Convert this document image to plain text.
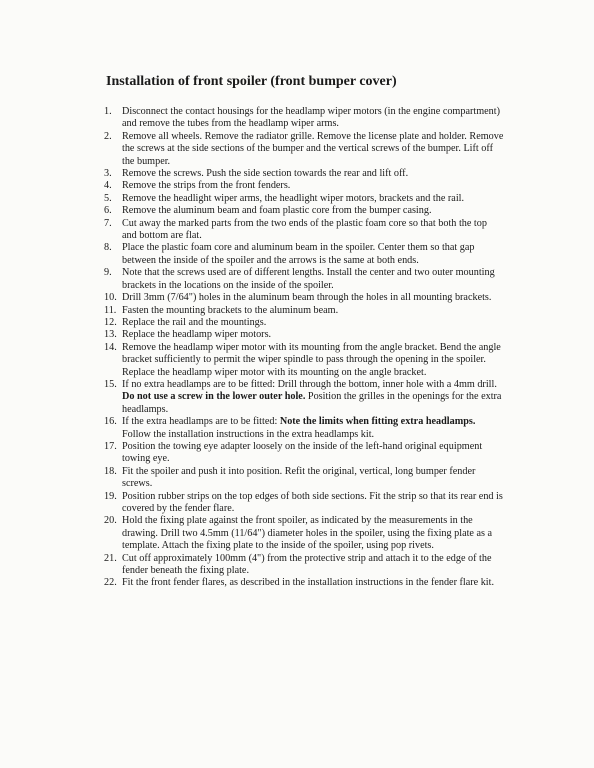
Installation of front spoiler (front bumper cover)
1. Disconnect the contact housings for the headlamp wiper motors (in the engine compartment) and remove the tubes from the headlamp wiper arms.
2. Remove all wheels. Remove the radiator grille. Remove the license plate and holder. Remove the screws at the side sections of the bumper and the vertical screws of the bumper. Lift off the bumper.
3. Remove the screws. Push the side section towards the rear and lift off.
4. Remove the strips from the front fenders.
5. Remove the headlight wiper arms, the headlight wiper motors, brackets and the rail.
6. Remove the aluminum beam and foam plastic core from the bumper casing.
7. Cut away the marked parts from the two ends of the plastic foam core so that both the top and bottom are flat.
8. Place the plastic foam core and aluminum beam in the spoiler. Center them so that gap between the inside of the spoiler and the arrows is the same at both ends.
9. Note that the screws used are of different lengths. Install the center and two outer mounting brackets in the locations on the inside of the spoiler.
10. Drill 3mm (7/64") holes in the aluminum beam through the holes in all mounting brackets.
11. Fasten the mounting brackets to the aluminum beam.
12. Replace the rail and the mountings.
13. Replace the headlamp wiper motors.
14. Remove the headlamp wiper motor with its mounting from the angle bracket. Bend the angle bracket sufficiently to permit the wiper spindle to pass through the opening in the spoiler. Replace the headlamp wiper motor with its mounting on the angle bracket.
15. If no extra headlamps are to be fitted: Drill through the bottom, inner hole with a 4mm drill. Do not use a screw in the lower outer hole. Position the grilles in the openings for the extra headlamps.
16. If the extra headlamps are to be fitted: Note the limits when fitting extra headlamps. Follow the installation instructions in the extra headlamps kit.
17. Position the towing eye adapter loosely on the inside of the left-hand original equipment towing eye.
18. Fit the spoiler and push it into position. Refit the original, vertical, long bumper fender screws.
19. Position rubber strips on the top edges of both side sections. Fit the strip so that its rear end is covered by the fender flare.
20. Hold the fixing plate against the front spoiler, as indicated by the measurements in the drawing. Drill two 4.5mm (11/64") diameter holes in the spoiler, using the fixing plate as a template. Attach the fixing plate to the inside of the spoiler, using pop rivets.
21. Cut off approximately 100mm (4") from the protective strip and attach it to the edge of the fender beneath the fixing plate.
22. Fit the front fender flares, as described in the installation instructions in the fender flare kit.
